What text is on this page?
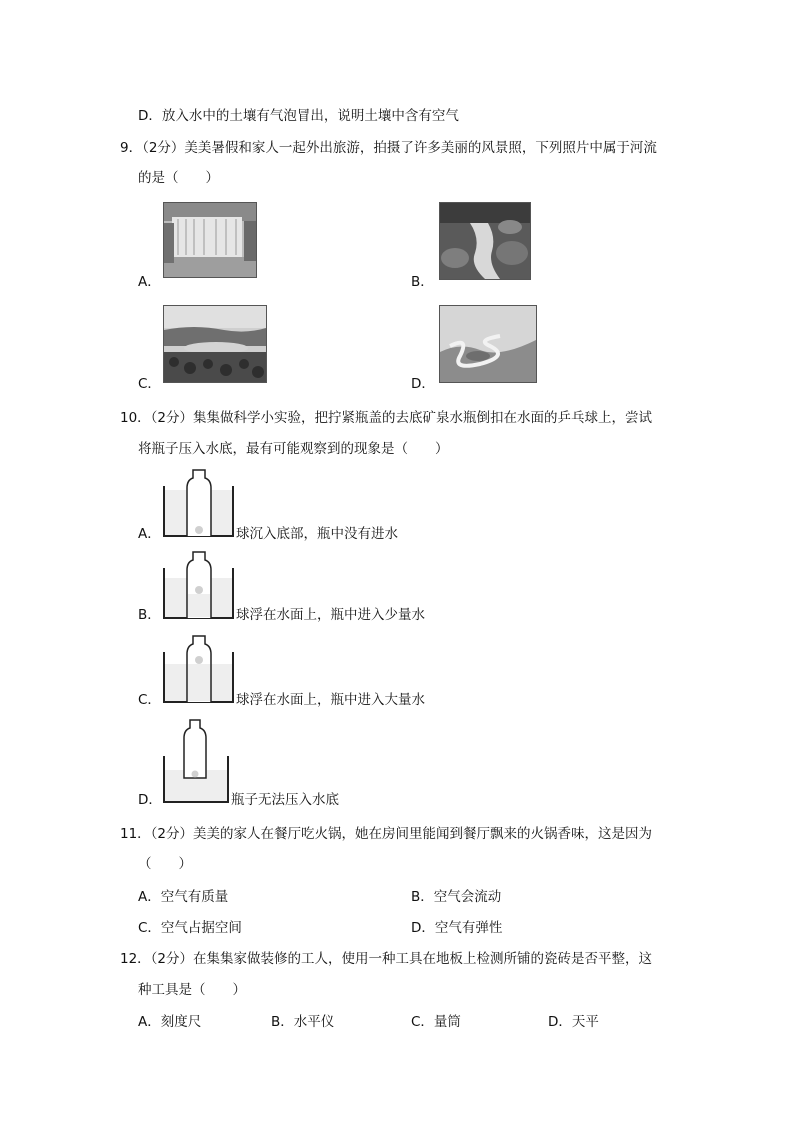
D．放入水中的土壤有气泡冒出，说明土壤中含有空气
9．（2分）美美暑假和家人一起外出旅游，拍摄了许多美丽的风景照，下列照片中属于河流
的是（　　）
A．	B．
C．	D．
10．（2分）集集做科学小实验，把拧紧瓶盖的去底矿泉水瓶倒扣在水面的乒乓球上，尝试
将瓶子压入水底，最有可能观察到的现象是（　　）
A．	球沉入底部，瓶中没有进水
B．	球浮在水面上，瓶中进入少量水
C．	球浮在水面上，瓶中进入大量水
D．	瓶子无法压入水底
11．（2分）美美的家人在餐厅吃火锅，她在房间里能闻到餐厅飘来的火锅香味，这是因为
（　　）
A．空气有质量	B．空气会流动
C．空气占据空间	D．空气有弹性
12．（2分）在集集家做装修的工人，使用一种工具在地板上检测所铺的瓷砖是否平整，这
种工具是（　　）
A．刻度尺	B．水平仪	C．量筒	D．天平
